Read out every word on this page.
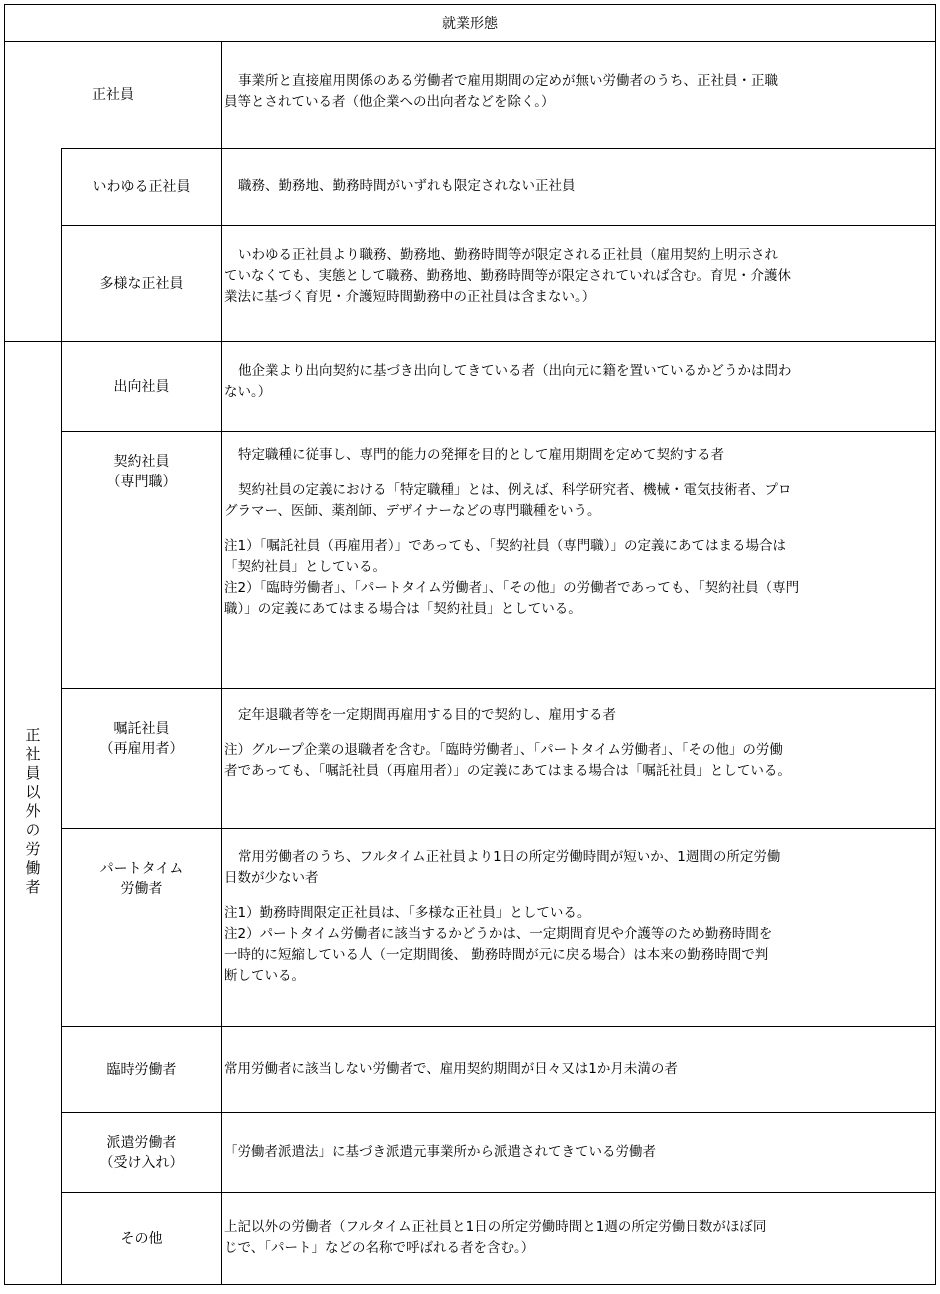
就業形態
正社員以外の労働者
正社員

事業所と直接雇用関係のある労働者で雇用期間の定めが無い労働者のうち、正社員・正職

員等とされている者（他企業への出向者などを除く。）

いわゆる正社員	職務、勤務地、勤務時間がいずれも限定されない正社員

多様な正社員

いわゆる正社員より職務、勤務地、勤務時間等が限定される正社員（雇用契約上明示され

ていなくても、実態として職務、勤務地、勤務時間等が限定されていれば含む。育児・介護休

業法に基づく育児・介護短時間勤務中の正社員は含まない。）

出向社員

他企業より出向契約に基づき出向してきている者（出向元に籍を置いているかどうかは問わ

ない。）

契約社員
（専門職）

特定職種に従事し、専門的能力の発揮を目的として雇用期間を定めて契約する者

契約社員の定義における「特定職種」とは、例えば、科学研究者、機械・電気技術者、プロ

グラマー、医師、薬剤師、デザイナーなどの専門職種をいう。

注1）「嘱託社員（再雇用者）」であっても、「契約社員（専門職）」の定義にあてはまる場合は

「契約社員」としている。

注2）「臨時労働者」、「パートタイム労働者」、「その他」の労働者であっても、「契約社員（専門

職）」の定義にあてはまる場合は「契約社員」としている。

嘱託社員
（再雇用者）

定年退職者等を一定期間再雇用する目的で契約し、雇用する者

注）グループ企業の退職者を含む。「臨時労働者」、「パートタイム労働者」、「その他」の労働

者であっても、「嘱託社員（再雇用者）」の定義にあてはまる場合は「嘱託社員」としている。

パートタイム
労働者

常用労働者のうち、フルタイム正社員より1日の所定労働時間が短いか、1週間の所定労働

日数が少ない者

注1）勤務時間限定正社員は、「多様な正社員」としている。

注2）パートタイム労働者に該当するかどうかは、一定期間育児や介護等のため勤務時間を

一時的に短縮している人（一定期間後、 勤務時間が元に戻る場合）は本来の勤務時間で判

断している。

臨時労働者	常用労働者に該当しない労働者で、雇用契約期間が日々又は1か月未満の者

派遣労働者
（受け入れ）

「労働者派遣法」に基づき派遣元事業所から派遣されてきている労働者

その他

上記以外の労働者（フルタイム正社員と1日の所定労働時間と1週の所定労働日数がほぼ同

じで、「パート」などの名称で呼ばれる者を含む。）
